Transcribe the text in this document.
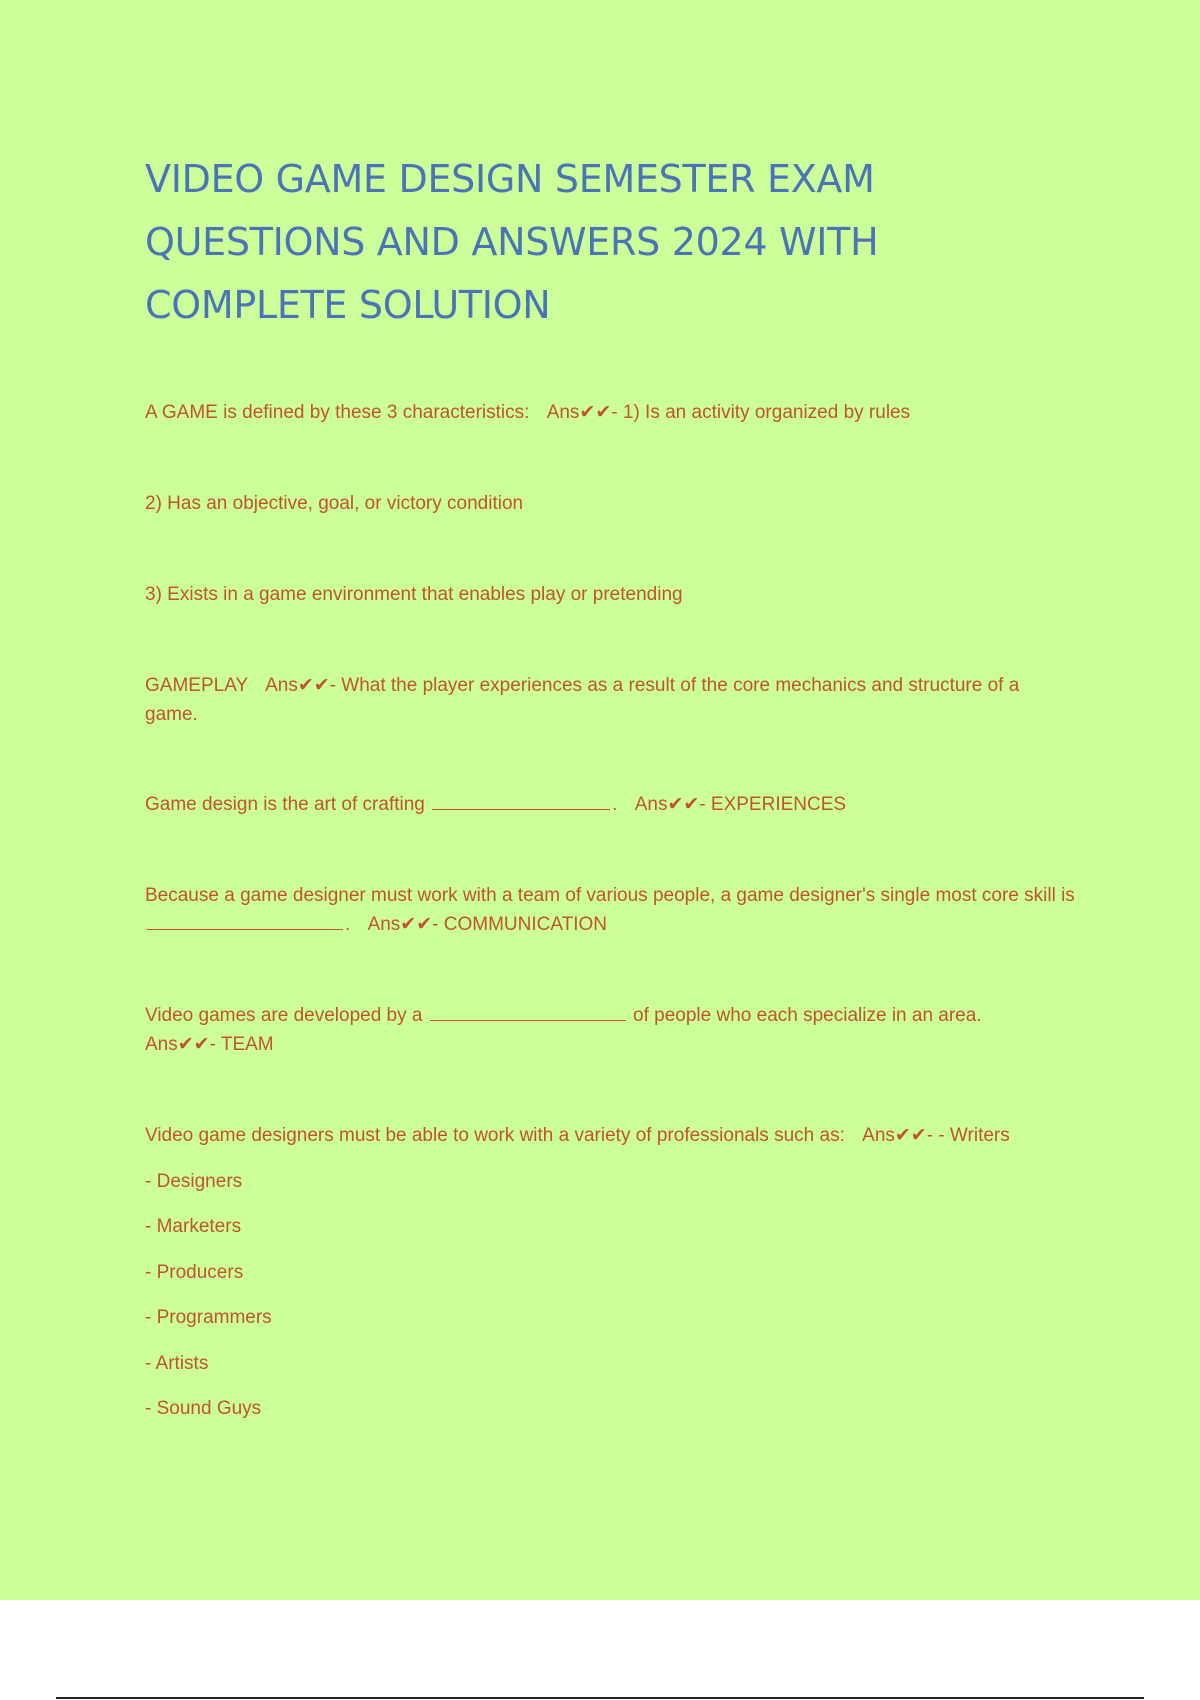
VIDEO GAME DESIGN SEMESTER EXAM QUESTIONS AND ANSWERS 2024 WITH COMPLETE SOLUTION

A GAME is defined by these 3 characteristics: Ans✔✔- 1) Is an activity organized by rules

2) Has an objective, goal, or victory condition

3) Exists in a game environment that enables play or pretending

GAMEPLAY Ans✔✔- What the player experiences as a result of the core mechanics and structure of a game.

Game design is the art of crafting	. Ans✔✔- EXPERIENCES

Because a game designer must work with a team of various people, a game designer's single most core skill is . Ans✔✔- COMMUNICATION

Video games are developed by a	of people who each specialize in an area.
Ans✔✔- TEAM

Video game designers must be able to work with a variety of professionals such as: Ans✔✔- - Writers

- Designers

- Marketers

- Producers

- Programmers

- Artists

- Sound Guys
